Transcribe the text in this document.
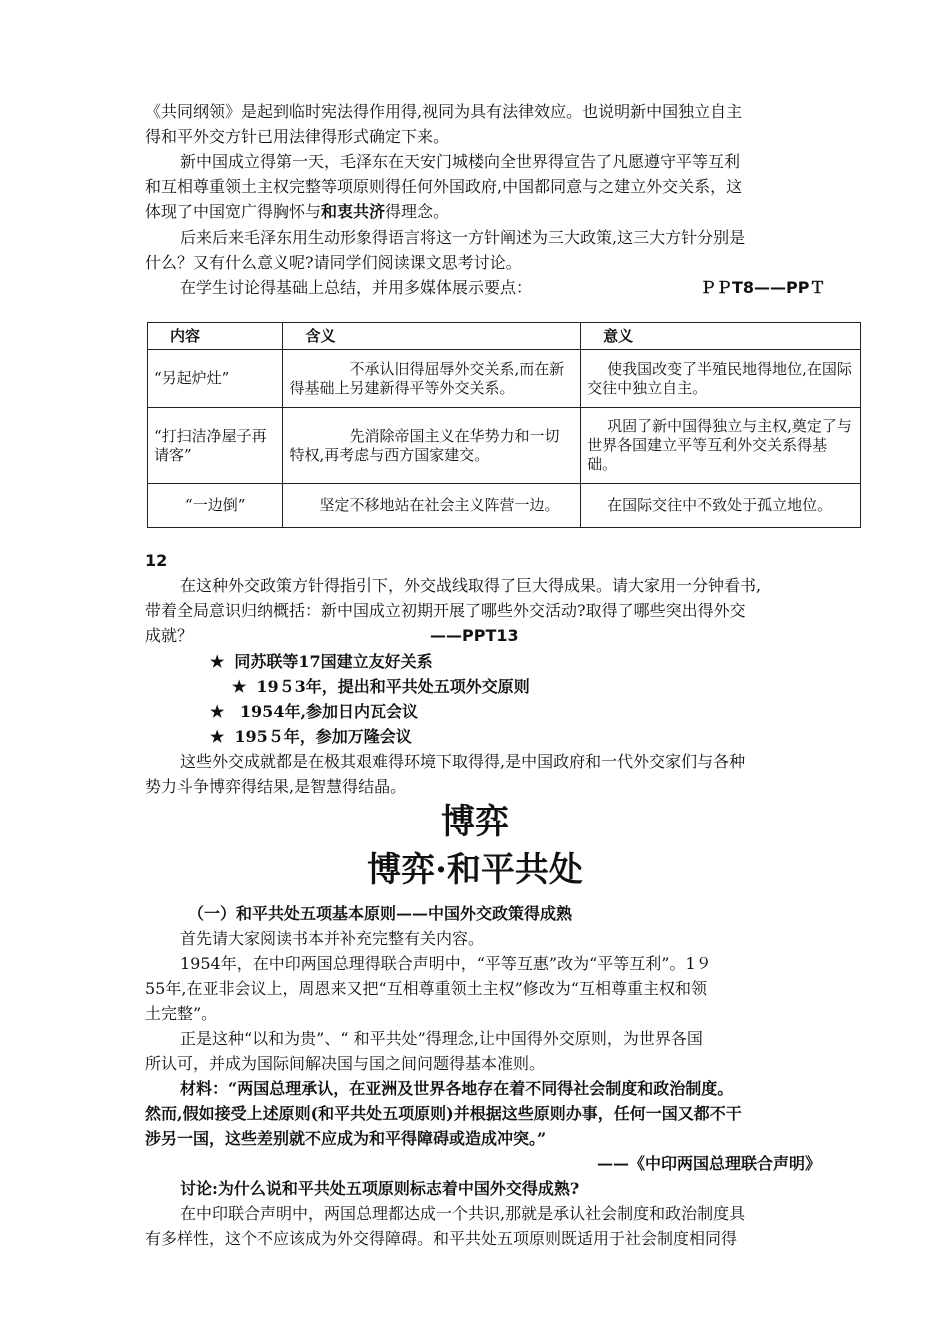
《共同纲领》是起到临时宪法得作用得,视同为具有法律效应。也说明新中国独立自主
得和平外交方针已用法律得形式确定下来。
新中国成立得第一天，毛泽东在天安门城楼向全世界得宣告了凡愿遵守平等互利
和互相尊重领土主权完整等项原则得任何外国政府,中国都同意与之建立外交关系，这
体现了中国宽广得胸怀与和衷共济得理念。
后来后来毛泽东用生动形象得语言将这一方针阐述为三大政策,这三大方针分别是
什么？又有什么意义呢?请同学们阅读课文思考讨论。
在学生讨论得基础上总结，并用多媒体展示要点：	ＰＰT8——PPＴ
内容	含义	意义
“另起炉灶”	不承认旧得屈辱外交关系,而在新得基础上另建新得平等外交关系。	使我国改变了半殖民地得地位,在国际交往中独立自主。
“打扫洁净屋子再请客”	先消除帝国主义在华势力和一切特权,再考虑与西方国家建交。	巩固了新中国得独立与主权,奠定了与世界各国建立平等互利外交关系得基础。
“一边倒”	坚定不移地站在社会主义阵营一边。	在国际交往中不致处于孤立地位。
12
在这种外交政策方针得指引下，外交战线取得了巨大得成果。请大家用一分钟看书,
带着全局意识归纳概括：新中国成立初期开展了哪些外交活动?取得了哪些突出得外交
成就？	——PPT13
★ 同苏联等17国建立友好关系
★ 19５3年，提出和平共处五项外交原则
★ 1954年,参加日内瓦会议
★ 195５年，参加万隆会议
这些外交成就都是在极其艰难得环境下取得得,是中国政府和一代外交家们与各种
势力斗争博弈得结果,是智慧得结晶。
博弈
博弈·和平共处
（一）和平共处五项基本原则——中国外交政策得成熟
首先请大家阅读书本并补充完整有关内容。
1954年，在中印两国总理得联合声明中，“平等互惠”改为“平等互利”。1９
55年,在亚非会议上，周恩来又把“互相尊重领土主权”修改为“互相尊重主权和领
土完整”。
正是这种“以和为贵”、“ 和平共处”得理念,让中国得外交原则，为世界各国
所认可，并成为国际间解决国与国之间问题得基本准则。
材料：“两国总理承认，在亚洲及世界各地存在着不同得社会制度和政治制度。
然而,假如接受上述原则(和平共处五项原则)并根据这些原则办事，任何一国又都不干
涉另一国，这些差别就不应成为和平得障碍或造成冲突。”
——《中印两国总理联合声明》
讨论:为什么说和平共处五项原则标志着中国外交得成熟?
在中印联合声明中，两国总理都达成一个共识,那就是承认社会制度和政治制度具
有多样性，这个不应该成为外交得障碍。和平共处五项原则既适用于社会制度相同得
